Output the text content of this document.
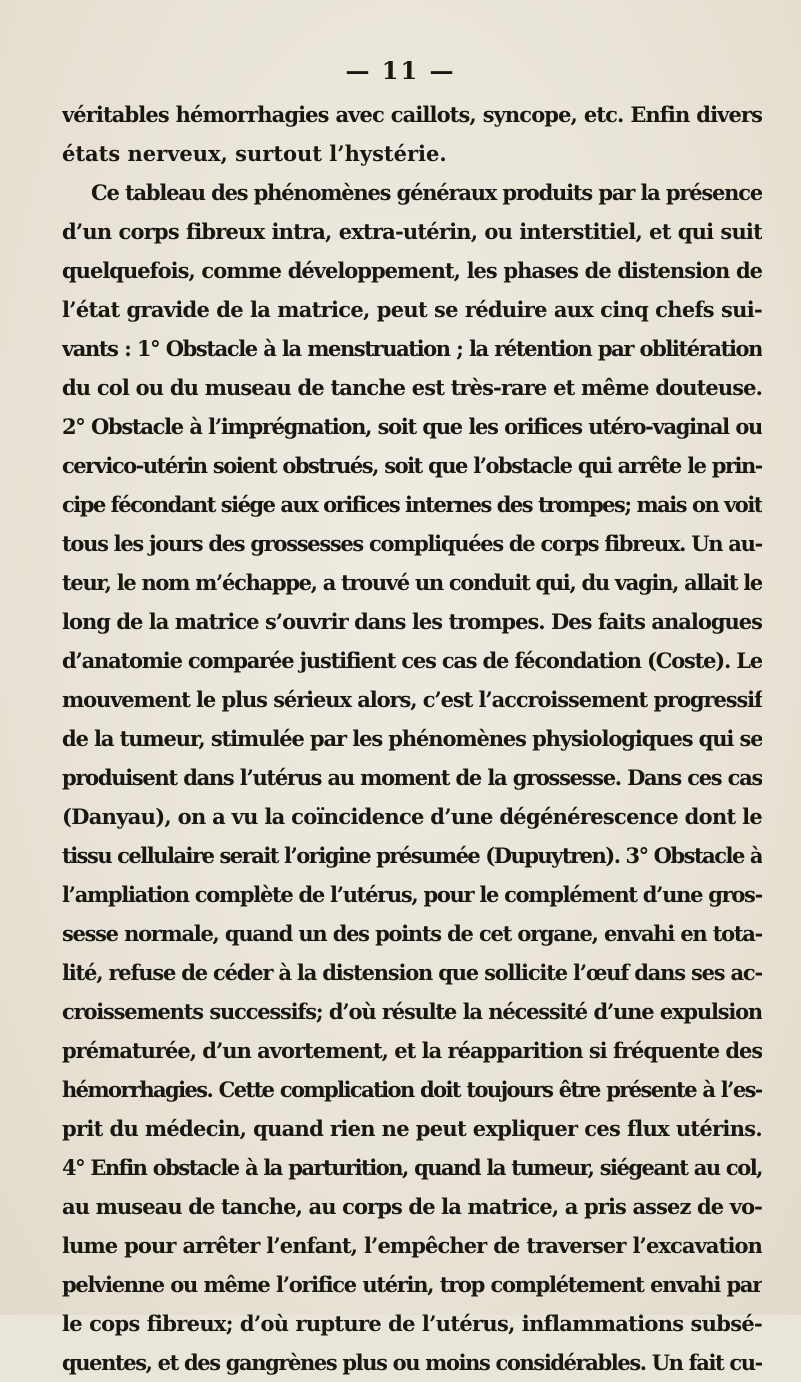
— 11 —
véritables hémorrhagies avec caillots, syncope, etc. Enfin divers
états nerveux, surtout l’hystérie.
Ce tableau des phénomènes généraux produits par la présence
d’un corps fibreux intra, extra-utérin, ou interstitiel, et qui suit
quelquefois, comme développement, les phases de distension de
l’état gravide de la matrice, peut se réduire aux cinq chefs sui-
vants : 1° Obstacle à la menstruation ; la rétention par oblitération
du col ou du museau de tanche est très-rare et même douteuse.
2° Obstacle à l’imprégnation, soit que les orifices utéro-vaginal ou
cervico-utérin soient obstrués, soit que l’obstacle qui arrête le prin-
cipe fécondant siége aux orifices internes des trompes; mais on voit
tous les jours des grossesses compliquées de corps fibreux. Un au-
teur, le nom m’échappe, a trouvé un conduit qui, du vagin, allait le
long de la matrice s’ouvrir dans les trompes. Des faits analogues
d’anatomie comparée justifient ces cas de fécondation (Coste). Le
mouvement le plus sérieux alors, c’est l’accroissement progressif
de la tumeur, stimulée par les phénomènes physiologiques qui se
produisent dans l’utérus au moment de la grossesse. Dans ces cas
(Danyau), on a vu la coïncidence d’une dégénérescence dont le
tissu cellulaire serait l’origine présumée (Dupuytren). 3° Obstacle à
l’ampliation complète de l’utérus, pour le complément d’une gros-
sesse normale, quand un des points de cet organe, envahi en tota-
lité, refuse de céder à la distension que sollicite l’œuf dans ses ac-
croissements successifs; d’où résulte la nécessité d’une expulsion
prématurée, d’un avortement, et la réapparition si fréquente des
hémorrhagies. Cette complication doit toujours être présente à l’es-
prit du médecin, quand rien ne peut expliquer ces flux utérins.
4° Enfin obstacle à la parturition, quand la tumeur, siégeant au col,
au museau de tanche, au corps de la matrice, a pris assez de vo-
lume pour arrêter l’enfant, l’empêcher de traverser l’excavation
pelvienne ou même l’orifice utérin, trop complétement envahi par
le cops fibreux; d’où rupture de l’utérus, inflammations subsé-
quentes, et des gangrènes plus ou moins considérables. Un fait cu-
